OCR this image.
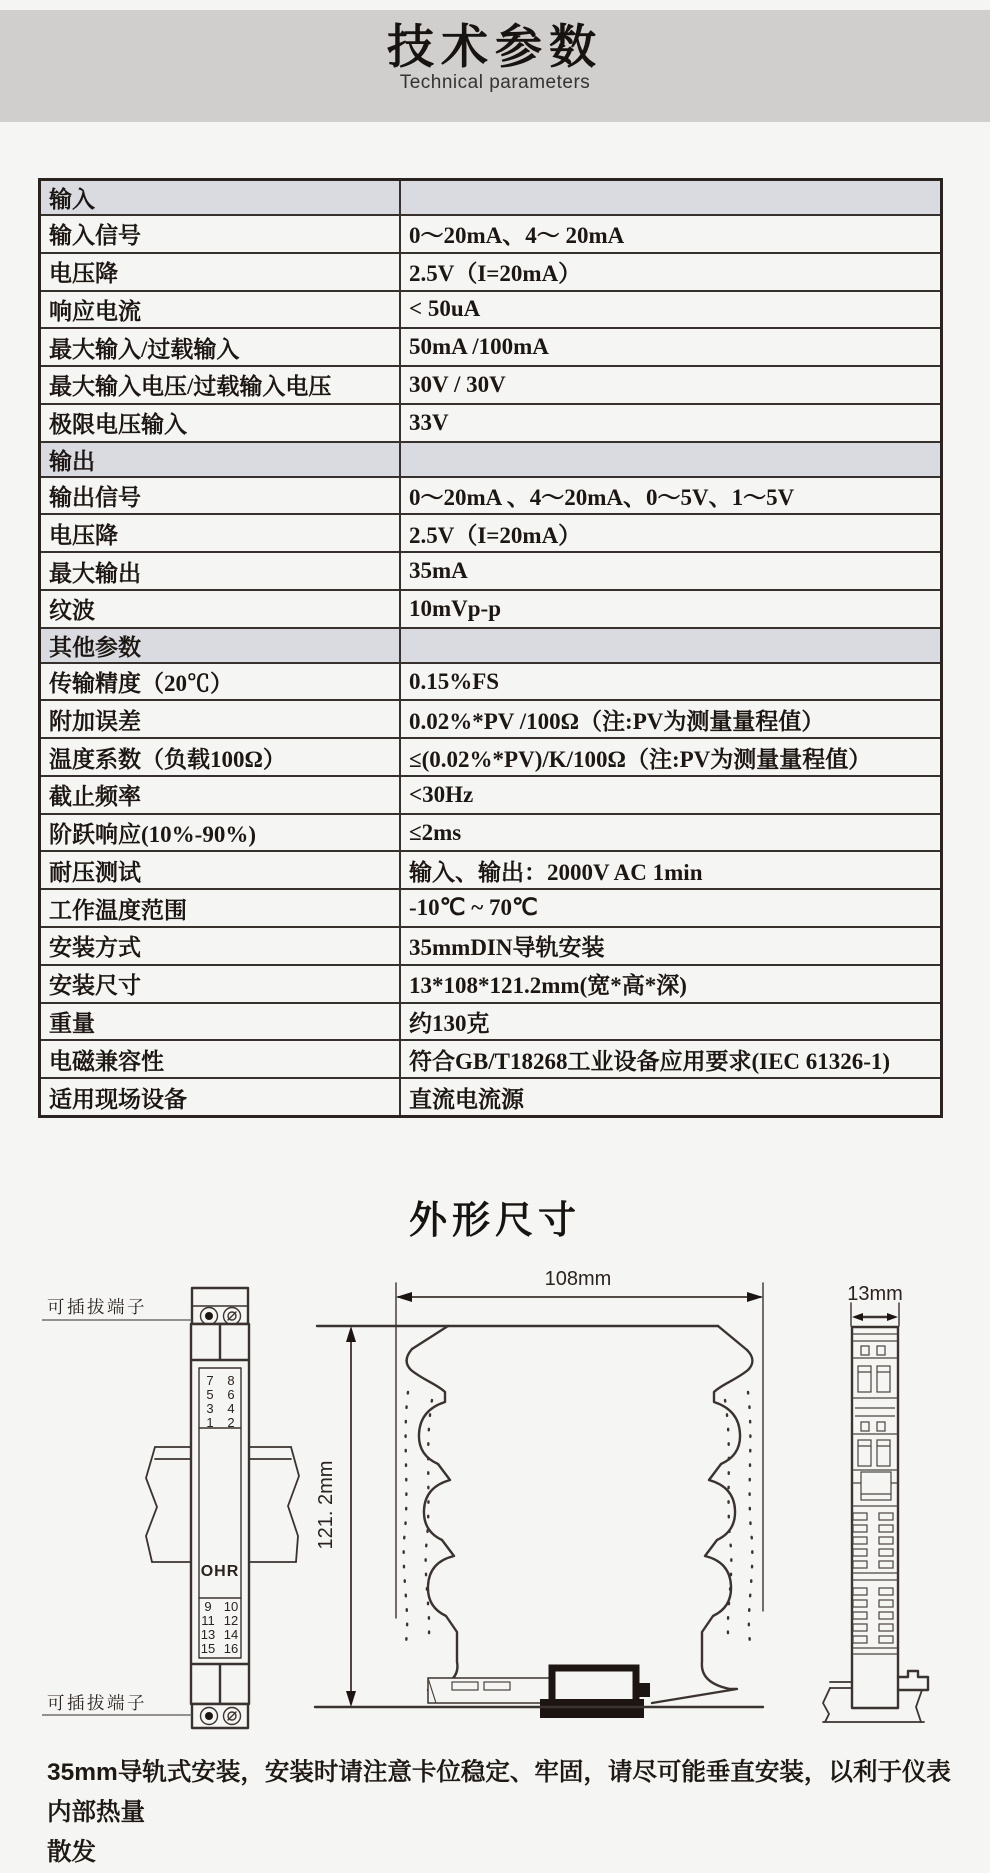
技术参数
Technical parameters
输入	
输入信号	0～20mA、4～ 20mA
电压降	2.5V（I=20mA）
响应电流	< 50uA
最大输入/过载输入	50mA /100mA
最大输入电压/过载输入电压	30V / 30V
极限电压输入	33V
输出	
输出信号	0～20mA 、4～20mA、0～5V、1～5V
电压降	2.5V（I=20mA）
最大输出	35mA
纹波	10mVp-p
其他参数	
传输精度（20℃）	0.15%FS
附加误差	0.02%*PV /100Ω（注:PV为测量量程值）
温度系数（负载100Ω）	≤(0.02%*PV)/K/100Ω（注:PV为测量量程值）
截止频率	<30Hz
阶跃响应(10%-90%)	≤2ms
耐压测试	输入、输出：2000V AC 1min
工作温度范围	-10℃ ~ 70℃
安装方式	35mmDIN导轨安装
安装尺寸	13*108*121.2mm(宽*高*深)
重量	约130克
电磁兼容性	符合GB/T18268工业设备应用要求(IEC 61326-1)
适用现场设备	直流电流源
外形尺寸
7
5
3
1
8
6
4
2
OHR
9
11
13
15
10
12
14
16
可插拔端子
可插拔端子
108mm
121. 2mm
13mm
35mm导轨式安装，安装时请注意卡位稳定、牢固，请尽可能垂直安装，以利于仪表内部热量
散发
